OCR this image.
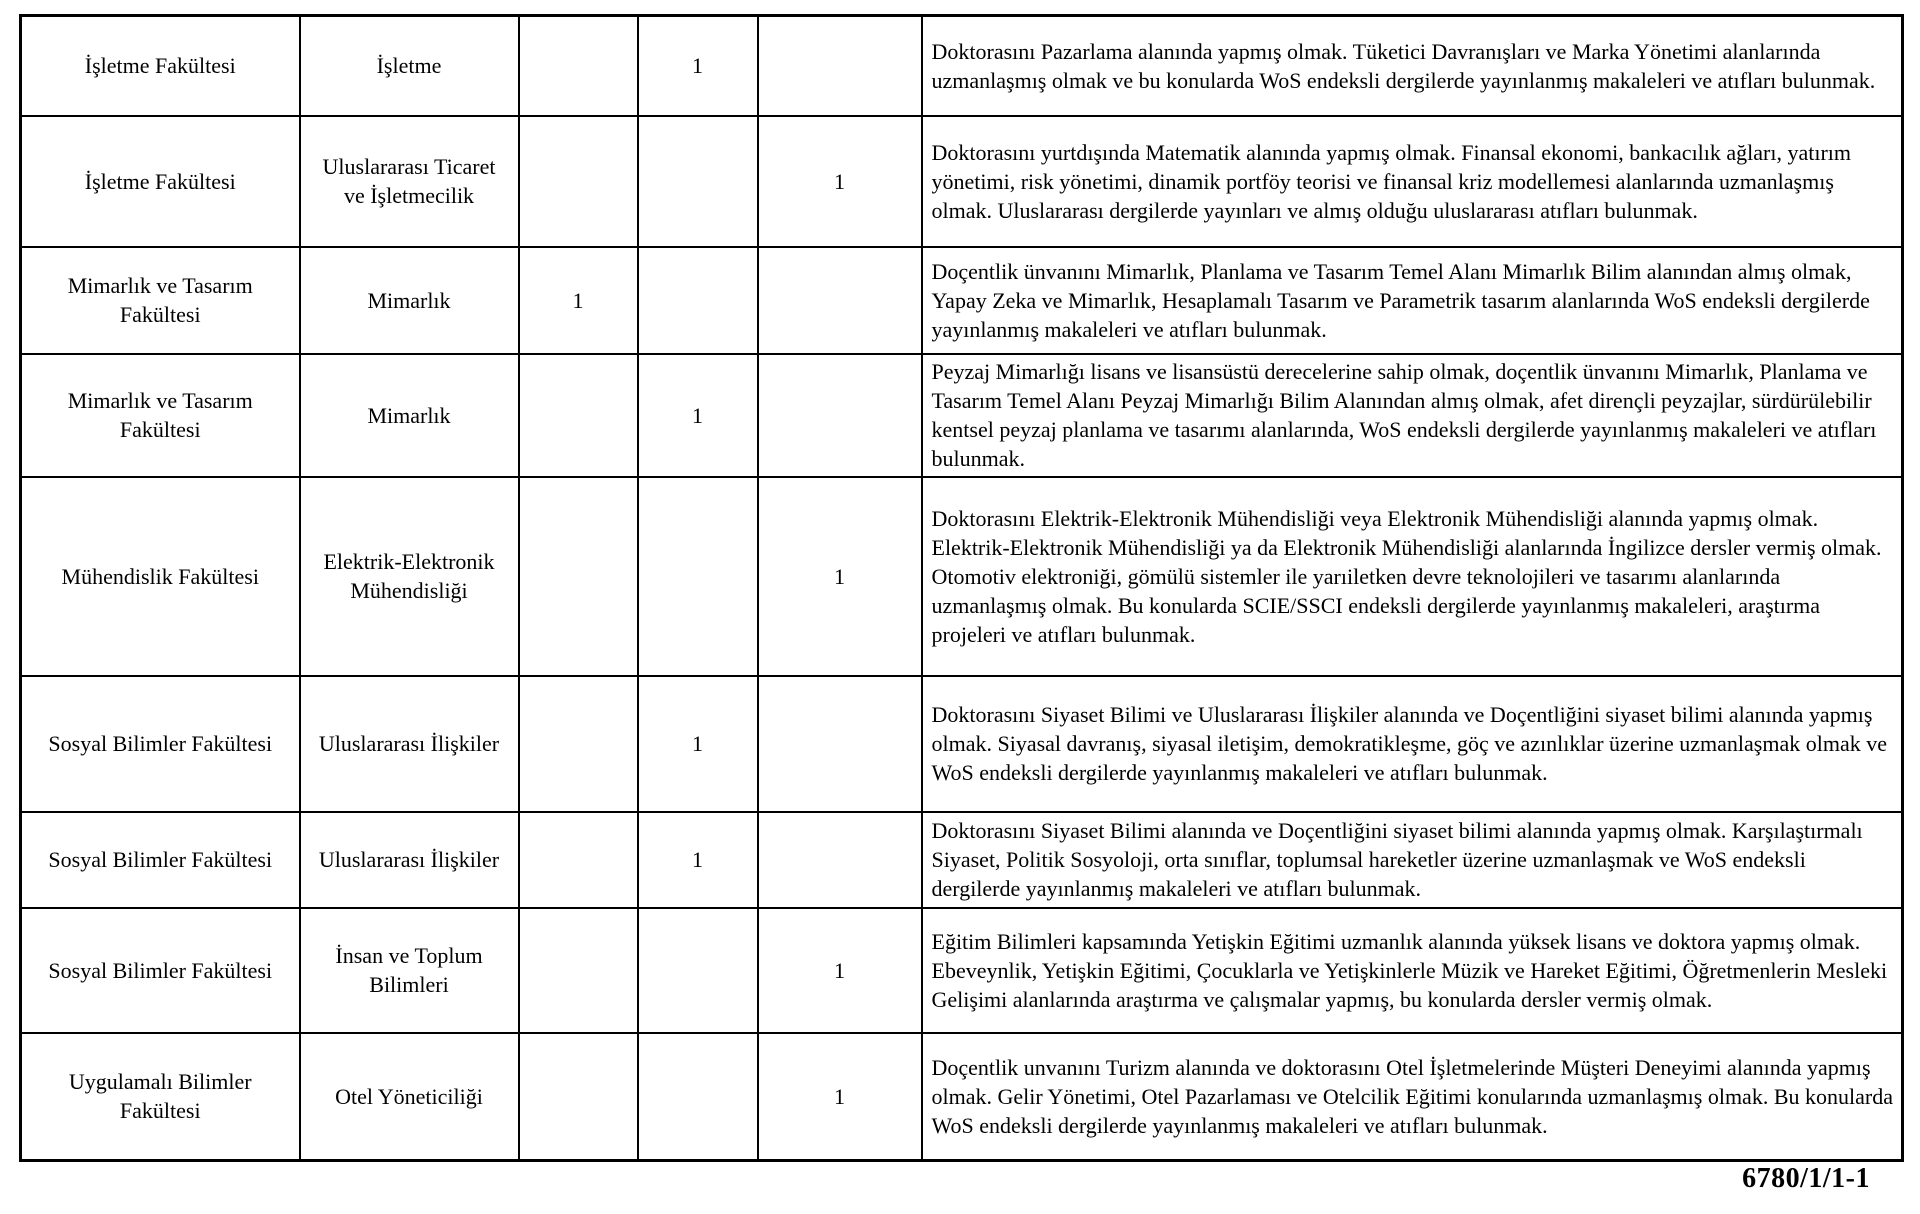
İşletme Fakültesi	İşletme		1		Doktorasını Pazarlama alanında yapmış olmak. Tüketici Davranışları ve Marka Yönetimi alanlarında uzmanlaşmış olmak ve bu konularda WoS endeksli dergilerde yayınlanmış makaleleri ve atıfları bulunmak.
İşletme Fakültesi	Uluslararası Ticaret ve İşletmecilik			1	Doktorasını yurtdışında Matematik alanında yapmış olmak. Finansal ekonomi, bankacılık ağları, yatırım yönetimi, risk yönetimi, dinamik portföy teorisi ve finansal kriz modellemesi alanlarında uzmanlaşmış olmak. Uluslararası dergilerde yayınları ve almış olduğu uluslararası atıfları bulunmak.
Mimarlık ve Tasarım Fakültesi	Mimarlık	1			Doçentlik ünvanını Mimarlık, Planlama ve Tasarım Temel Alanı Mimarlık Bilim alanından almış olmak, Yapay Zeka ve Mimarlık, Hesaplamalı Tasarım ve Parametrik tasarım alanlarında WoS endeksli dergilerde yayınlanmış makaleleri ve atıfları bulunmak.
Mimarlık ve Tasarım Fakültesi	Mimarlık		1		Peyzaj Mimarlığı lisans ve lisansüstü derecelerine sahip olmak, doçentlik ünvanını Mimarlık, Planlama ve Tasarım Temel Alanı Peyzaj Mimarlığı Bilim Alanından almış olmak, afet dirençli peyzajlar, sürdürülebilir kentsel peyzaj planlama ve tasarımı alanlarında, WoS endeksli dergilerde yayınlanmış makaleleri ve atıfları bulunmak.
Mühendislik Fakültesi	Elektrik-Elektronik Mühendisliği			1	Doktorasını Elektrik-Elektronik Mühendisliği veya Elektronik Mühendisliği alanında yapmış olmak. Elektrik-Elektronik Mühendisliği ya da Elektronik Mühendisliği alanlarında İngilizce dersler vermiş olmak. Otomotiv elektroniği, gömülü sistemler ile yarıiletken devre teknolojileri ve tasarımı alanlarında uzmanlaşmış olmak. Bu konularda SCIE/SSCI endeksli dergilerde yayınlanmış makaleleri, araştırma projeleri ve atıfları bulunmak.
Sosyal Bilimler Fakültesi	Uluslararası İlişkiler		1		Doktorasını Siyaset Bilimi ve Uluslararası İlişkiler alanında ve Doçentliğini siyaset bilimi alanında yapmış olmak. Siyasal davranış, siyasal iletişim, demokratikleşme, göç ve azınlıklar üzerine uzmanlaşmak olmak ve WoS endeksli dergilerde yayınlanmış makaleleri ve atıfları bulunmak.
Sosyal Bilimler Fakültesi	Uluslararası İlişkiler		1		Doktorasını Siyaset Bilimi alanında ve Doçentliğini siyaset bilimi alanında yapmış olmak. Karşılaştırmalı Siyaset, Politik Sosyoloji, orta sınıflar, toplumsal hareketler üzerine uzmanlaşmak ve WoS endeksli dergilerde yayınlanmış makaleleri ve atıfları bulunmak.
Sosyal Bilimler Fakültesi	İnsan ve Toplum Bilimleri			1	Eğitim Bilimleri kapsamında Yetişkin Eğitimi uzmanlık alanında yüksek lisans ve doktora yapmış olmak. Ebeveynlik, Yetişkin Eğitimi, Çocuklarla ve Yetişkinlerle Müzik ve Hareket Eğitimi, Öğretmenlerin Mesleki Gelişimi alanlarında araştırma ve çalışmalar yapmış, bu konularda dersler vermiş olmak.
Uygulamalı Bilimler Fakültesi	Otel Yöneticiliği			1	Doçentlik unvanını Turizm alanında ve doktorasını Otel İşletmelerinde Müşteri Deneyimi alanında yapmış olmak. Gelir Yönetimi, Otel Pazarlaması ve Otelcilik Eğitimi konularında uzmanlaşmış olmak. Bu konularda WoS endeksli dergilerde yayınlanmış makaleleri ve atıfları bulunmak.
6780/1/1-1
